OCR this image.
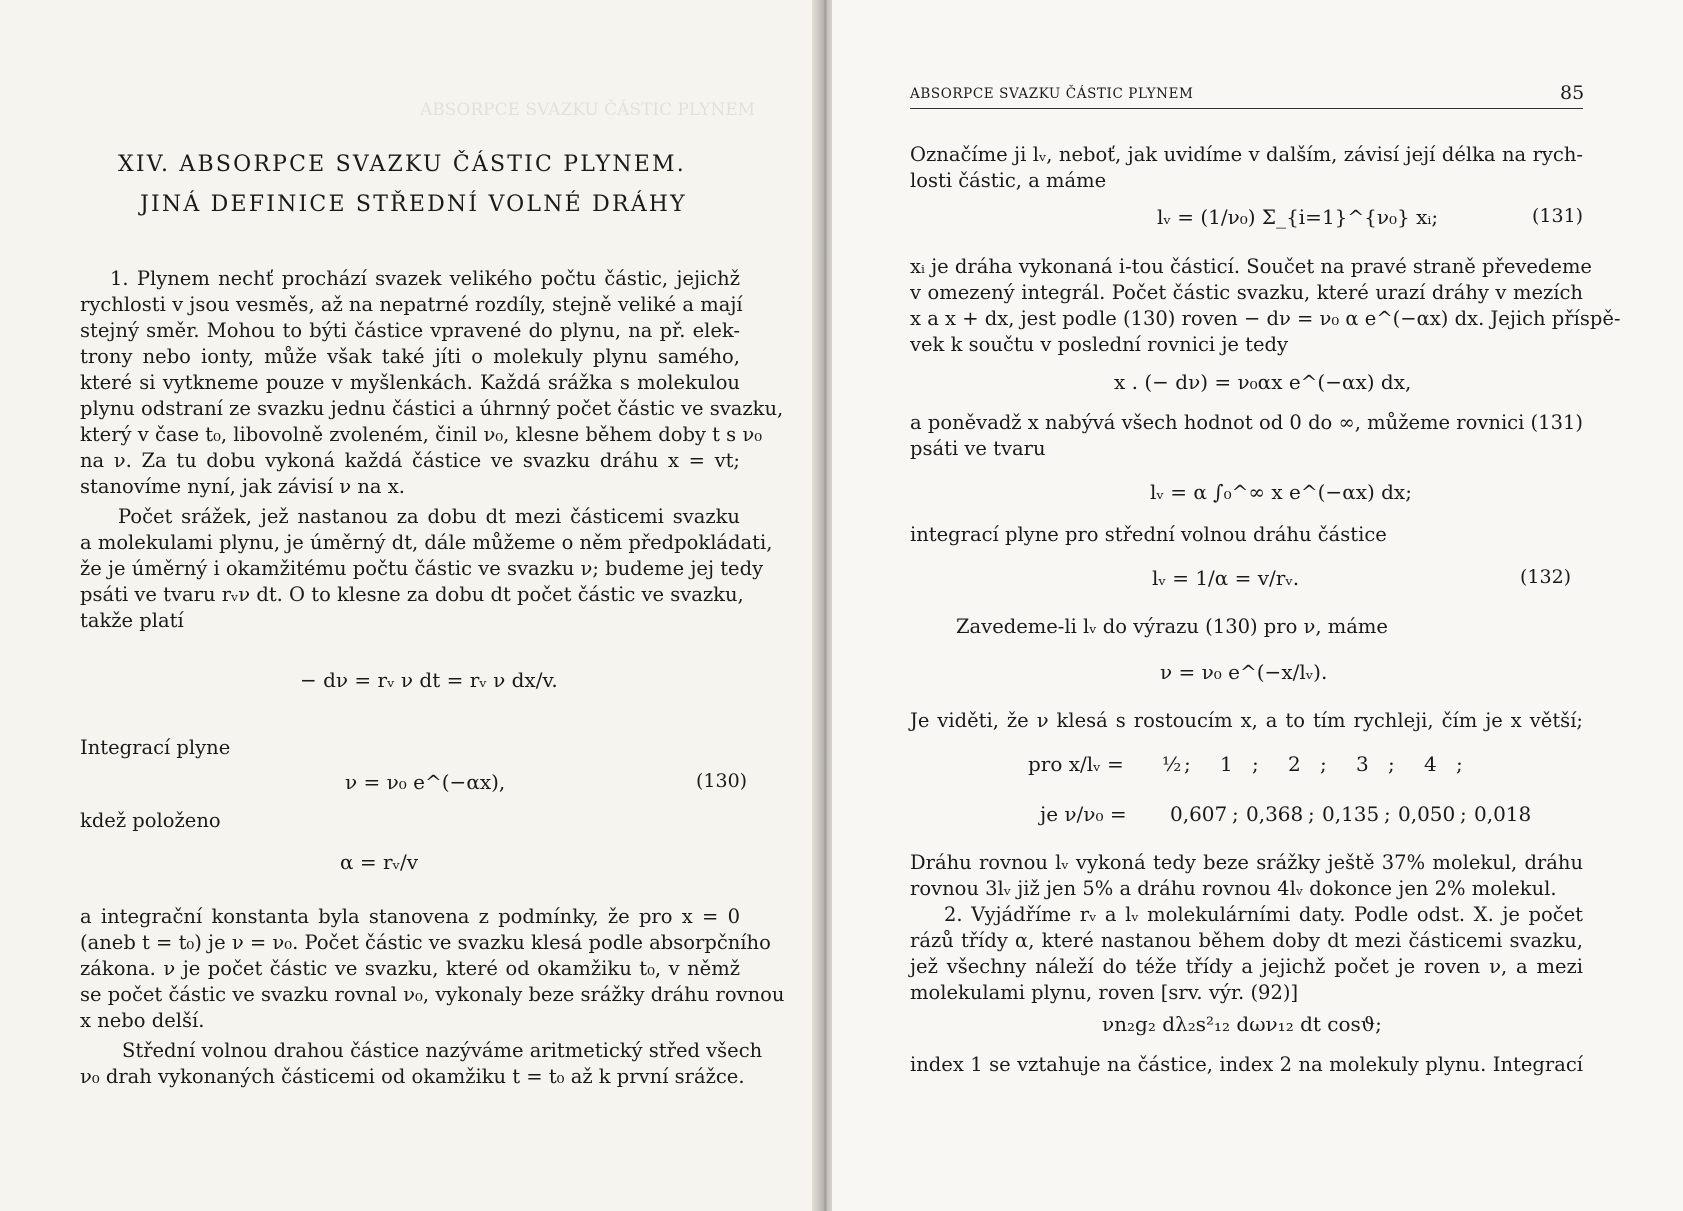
ABSORPCE SVAZKU ČÁSTIC PLYNEM
XIV. ABSORPCE SVAZKU ČÁSTIC PLYNEM.
JINÁ DEFINICE STŘEDNÍ VOLNÉ DRÁHY
1. Plynem nechť prochází svazek velikého počtu částic, jejichž
rychlosti v jsou vesměs, až na nepatrné rozdíly, stejně veliké a mají
stejný směr. Mohou to býti částice vpravené do plynu, na př. elek-
trony nebo ionty, může však také jíti o molekuly plynu samého,
které si vytkneme pouze v myšlenkách. Každá srážka s molekulou
plynu odstraní ze svazku jednu částici a úhrnný počet částic ve svazku,
který v čase t₀, libovolně zvoleném, činil ν₀, klesne během doby t s ν₀
na ν. Za tu dobu vykoná každá částice ve svazku dráhu x = vt;
stanovíme nyní, jak závisí ν na x.
Počet srážek, jež nastanou za dobu dt mezi částicemi svazku
a molekulami plynu, je úměrný dt, dále můžeme o něm předpokládati,
že je úměrný i okamžitému počtu částic ve svazku ν; budeme jej tedy
psáti ve tvaru rᵥν dt. O to klesne za dobu dt počet částic ve svazku,
takže platí
− dν = rᵥ ν dt = rᵥ ν dx/v.
Integrací plyne
ν = ν₀ e^(−αx),	(130)
kdež položeno
α = rᵥ/v
a integrační konstanta byla stanovena z podmínky, že pro x = 0
(aneb t = t₀) je ν = ν₀. Počet částic ve svazku klesá podle absorpčního
zákona. ν je počet částic ve svazku, které od okamžiku t₀, v němž
se počet částic ve svazku rovnal ν₀, vykonaly beze srážky dráhu rovnou
x nebo delší.
Střední volnou drahou částice nazýváme aritmetický střed všech
ν₀ drah vykonaných částicemi od okamžiku t = t₀ až k první srážce.
ABSORPCE SVAZKU ČÁSTIC PLYNEM	85
Označíme ji lᵥ, neboť, jak uvidíme v dalším, závisí její délka na rych-
losti částic, a máme
lᵥ = (1/ν₀) Σ_{i=1}^{ν₀} xᵢ;	(131)
xᵢ je dráha vykonaná i-tou částicí. Součet na pravé straně převedeme
v omezený integrál. Počet částic svazku, které urazí dráhy v mezích
x a x + dx, jest podle (130) roven − dν = ν₀ α e^(−αx) dx. Jejich příspě-
vek k součtu v poslední rovnici je tedy
x . (− dν) = ν₀αx e^(−αx) dx,
a poněvadž x nabývá všech hodnot od 0 do ∞, můžeme rovnici (131)
psáti ve tvaru
lᵥ = α ∫₀^∞ x e^(−αx) dx;
integrací plyne pro střední volnou dráhu částice
lᵥ = 1/α = v/rᵥ.	(132)
Zavedeme-li lᵥ do výrazu (130) pro ν, máme
ν = ν₀ e^(−x/lᵥ).
Je viděti, že ν klesá s rostoucím x, a to tím rychleji, čím je x větší;
pro x/lᵥ = ½ ; 1 ; 2 ; 3 ; 4 ;
je ν/ν₀ = 0,607 ; 0,368 ; 0,135 ; 0,050 ; 0,018
Dráhu rovnou lᵥ vykoná tedy beze srážky ještě 37% molekul, dráhu
rovnou 3lᵥ již jen 5% a dráhu rovnou 4lᵥ dokonce jen 2% molekul.
2. Vyjádříme rᵥ a lᵥ molekulárními daty. Podle odst. X. je počet
rázů třídy α, které nastanou během doby dt mezi částicemi svazku,
jež všechny náleží do téže třídy a jejichž počet je roven ν, a mezi
molekulami plynu, roven [srv. výr. (92)]
νn₂g₂ dλ₂s²₁₂ dων₁₂ dt cosϑ;
index 1 se vztahuje na částice, index 2 na molekuly plynu. Integrací
